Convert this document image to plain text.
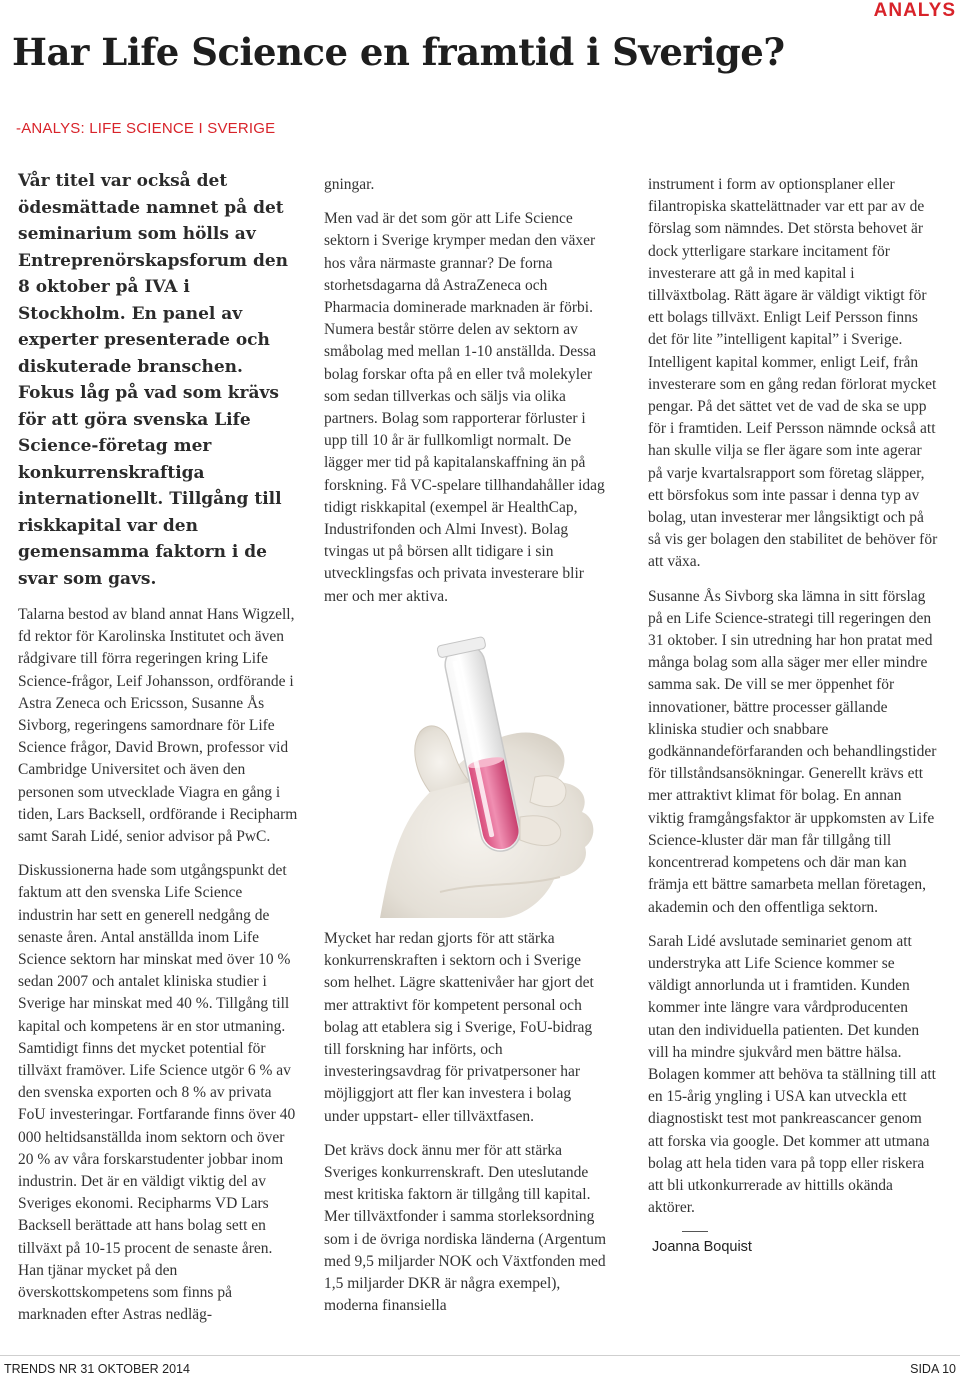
ANALYS
Har Life Science en framtid i Sverige?
-ANALYS: LIFE SCIENCE I SVERIGE

Vår titel var också det ödesmättade namnet på det seminarium som hölls av Entreprenörskapsforum den 8 oktober på IVA i Stockholm. En panel av experter presenterade och diskuterade branschen. Fokus låg på vad som krävs för att göra svenska Life Science-företag mer konkurrenskraftiga internationellt. Tillgång till riskkapital var den gemensamma faktorn i de svar som gavs.

Talarna bestod av bland annat Hans Wigzell, fd rektor för Karolinska Institutet och även rådgivare till förra regeringen kring Life Science-frågor, Leif Johansson, ordförande i Astra Zeneca och Ericsson, Susanne Ås Sivborg, regeringens samordnare för Life Science frågor, David Brown, professor vid Cambridge Universitet och även den personen som utvecklade Viagra en gång i tiden, Lars Backsell, ordförande i Recipharm samt Sarah Lidé, senior advisor på PwC.

Diskussionerna hade som utgångspunkt det faktum att den svenska Life Science industrin har sett en generell nedgång de senaste åren. Antal anställda inom Life Science sektorn har minskat med över 10 % sedan 2007 och antalet kliniska studier i Sverige har minskat med 40 %. Tillgång till kapital och kompetens är en stor utmaning. Samtidigt finns det mycket potential för tillväxt framöver. Life Science utgör 6 % av den svenska exporten och 8 % av privata FoU investeringar. Fortfarande finns över 40 000 heltidsanställda inom sektorn och över 20 % av våra forskarstudenter jobbar inom industrin. Det är en väldigt viktig del av Sveriges ekonomi. Recipharms VD Lars Backsell berättade att hans bolag sett en tillväxt på 10-15 procent de senaste åren. Han tjänar mycket på den överskottskompetens som finns på marknaden efter Astras nedläg-

gningar.

Men vad är det som gör att Life Science sektorn i Sverige krymper medan den växer hos våra närmaste grannar? De forna storhetsdagarna då AstraZeneca och Pharmacia dominerade marknaden är förbi. Numera består större delen av sektorn av småbolag med mellan 1-10 anställda. Dessa bolag forskar ofta på en eller två molekyler som sedan tillverkas och säljs via olika partners. Bolag som rapporterar förluster i upp till 10 år är fullkomligt normalt. De lägger mer tid på kapitalanskaffning än på forskning. Få VC-spelare tillhandahåller idag tidigt riskkapital (exempel är HealthCap, Industrifonden och Almi Invest). Bolag tvingas ut på börsen allt tidigare i sin utvecklingsfas och privata investerare blir mer och mer aktiva.

Mycket har redan gjorts för att stärka konkurrenskraften i sektorn och i Sverige som helhet. Lägre skattenivåer har gjort det mer attraktivt för kompetent personal och bolag att etablera sig i Sverige, FoU-bidrag till forskning har införts, och investeringsavdrag för privatpersoner har möjliggjort att fler kan investera i bolag under uppstart- eller tillväxtfasen.

Det krävs dock ännu mer för att stärka Sveriges konkurrenskraft. Den uteslutande mest kritiska faktorn är tillgång till kapital. Mer tillväxtfonder i samma storleksordning som i de övriga nordiska länderna (Argentum med 9,5 miljarder NOK och Växtfonden med 1,5 miljarder DKR är några exempel), moderna finansiella

instrument i form av optionsplaner eller filantropiska skattelättnader var ett par av de förslag som nämndes. Det största behovet är dock ytterligare starkare incitament för investerare att gå in med kapital i tillväxtbolag. Rätt ägare är väldigt viktigt för ett bolags tillväxt. Enligt Leif Persson finns det för lite ”intelligent kapital” i Sverige. Intelligent kapital kommer, enligt Leif, från investerare som en gång redan förlorat mycket pengar. På det sättet vet de vad de ska se upp för i framtiden. Leif Persson nämnde också att han skulle vilja se fler ägare som inte agerar på varje kvartalsrapport som företag släpper, ett börsfokus som inte passar i denna typ av bolag, utan investerar mer långsiktigt och på så vis ger bolagen den stabilitet de behöver för att växa.

Susanne Ås Sivborg ska lämna in sitt förslag på en Life Science-strategi till regeringen den 31 oktober. I sin utredning har hon pratat med många bolag som alla säger mer eller mindre samma sak. De vill se mer öppenhet för innovationer, bättre processer gällande kliniska studier och snabbare godkännandeförfaranden och behandlingstider för tillståndsansökningar. Generellt krävs ett mer attraktivt klimat för bolag. En annan viktig framgångsfaktor är uppkomsten av Life Science-kluster där man får tillgång till koncentrerad kompetens och där man kan främja ett bättre samarbeta mellan företagen, akademin och den offentliga sektorn.

Sarah Lidé avslutade seminariet genom att understryka att Life Science kommer se väldigt annorlunda ut i framtiden. Kunden kommer inte längre vara vårdproducenten utan den individuella patienten. Det kunden vill ha mindre sjukvård men bättre hälsa. Bolagen kommer att behöva ta ställning till att en 15-årig yngling i USA kan utveckla ett diagnostiskt test mot pankreascancer genom att forska via google. Det kommer att utmana bolag att hela tiden vara på topp eller riskera att bli utkonkurrerade av hittills okända aktörer.

Joanna Boquist
TRENDS NR 31 OKTOBER 2014	SIDA 10
